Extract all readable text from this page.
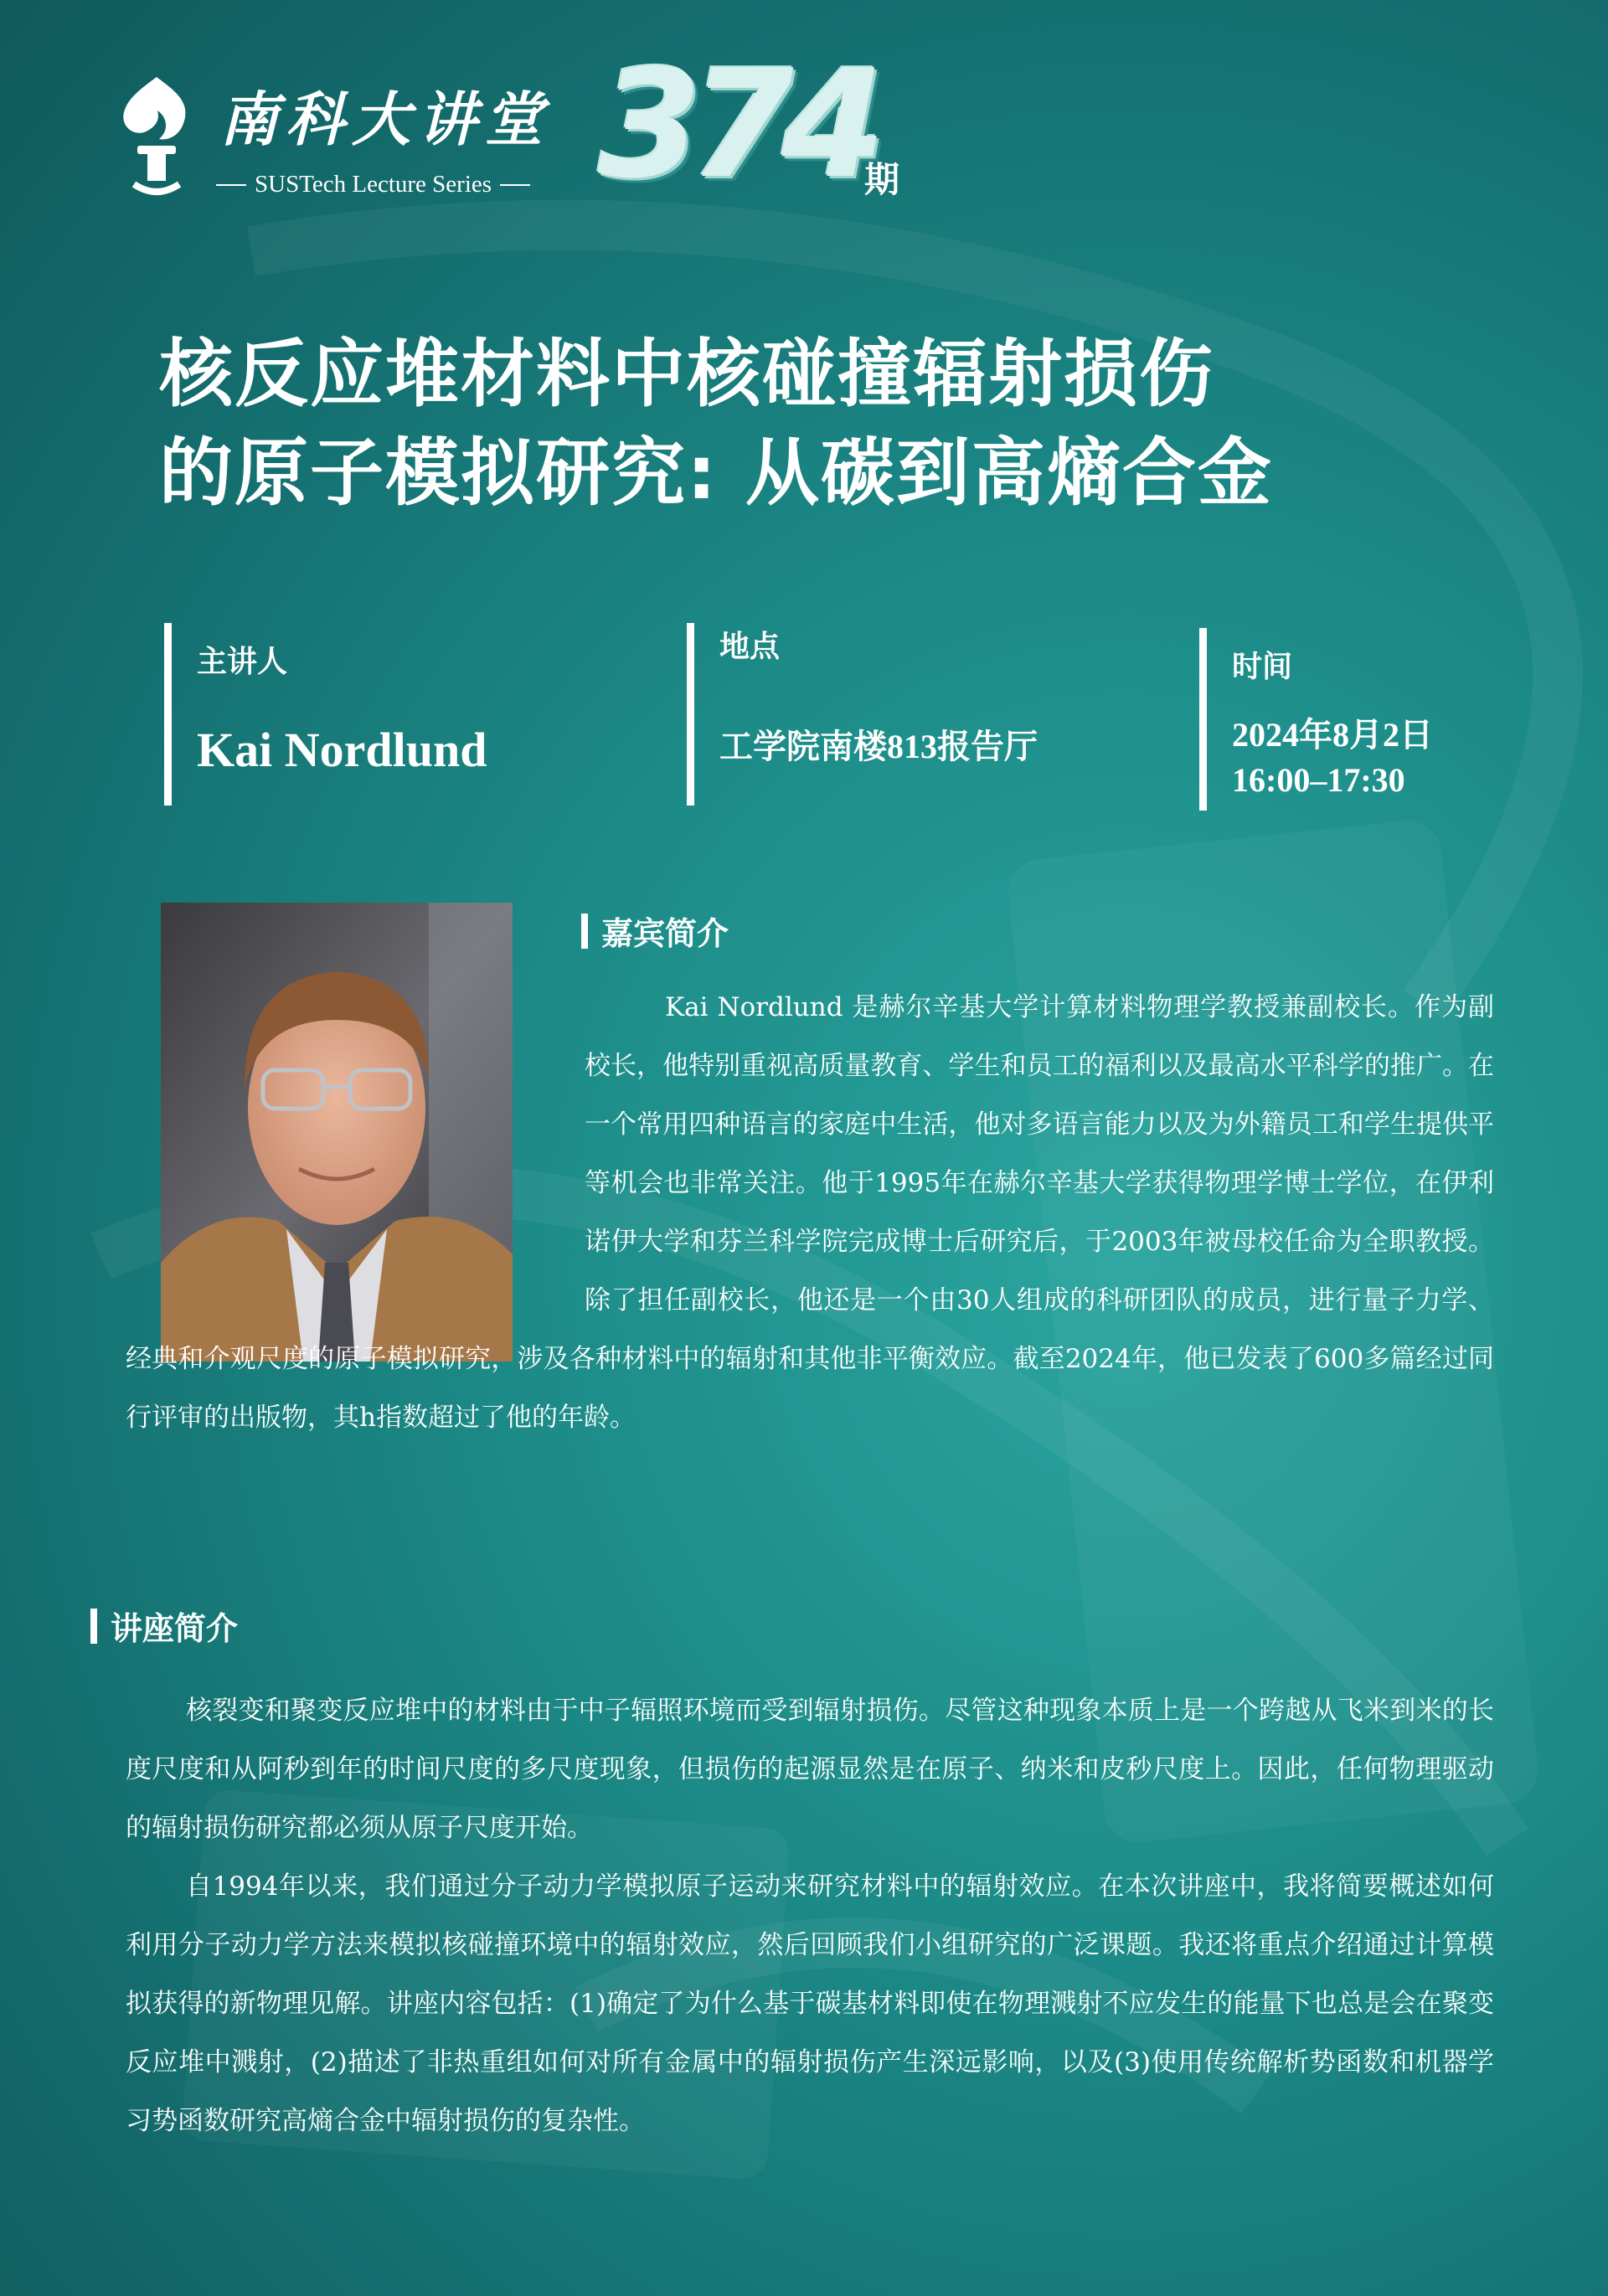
南科大讲堂
SUSTech Lecture Series 374
期
核反应堆材料中核碰撞辐射损伤
的原子模拟研究: 从碳到高熵合金
主讲人
Kai Nordlund
地点
工学院南楼813报告厅
时间
2024年8月2日
16:00–17:30
嘉宾简介
Kai Nordlund 是赫尔辛基大学计算材料物理学教授兼副校长。作为副校长，他特别重视高质量教育、学生和员工的福利以及最高水平科学的推广。在一个常用四种语言的家庭中生活，他对多语言能力以及为外籍员工和学生提供平等机会也非常关注。他于1995年在赫尔辛基大学获得物理学博士学位，在伊利诺伊大学和芬兰科学院完成博士后研究后，于2003年被母校任命为全职教授。除了担任副校长，他还是一个由30人组成的科研团队的成员，进行量子力学、经典和介观尺度的原子模拟研究，涉及各种材料中的辐射和其他非平衡效应。截至2024年，他已发表了600多篇经过同行评审的出版物，其h指数超过了他的年龄。
讲座简介

核裂变和聚变反应堆中的材料由于中子辐照环境而受到辐射损伤。尽管这种现象本质上是一个跨越从飞米到米的长度尺度和从阿秒到年的时间尺度的多尺度现象，但损伤的起源显然是在原子、纳米和皮秒尺度上。因此，任何物理驱动的辐射损伤研究都必须从原子尺度开始。

自1994年以来，我们通过分子动力学模拟原子运动来研究材料中的辐射效应。在本次讲座中，我将简要概述如何利用分子动力学方法来模拟核碰撞环境中的辐射效应，然后回顾我们小组研究的广泛课题。我还将重点介绍通过计算模拟获得的新物理见解。讲座内容包括：(1)确定了为什么基于碳基材料即使在物理溅射不应发生的能量下也总是会在聚变反应堆中溅射，(2)描述了非热重组如何对所有金属中的辐射损伤产生深远影响，以及(3)使用传统解析势函数和机器学习势函数研究高熵合金中辐射损伤的复杂性。
